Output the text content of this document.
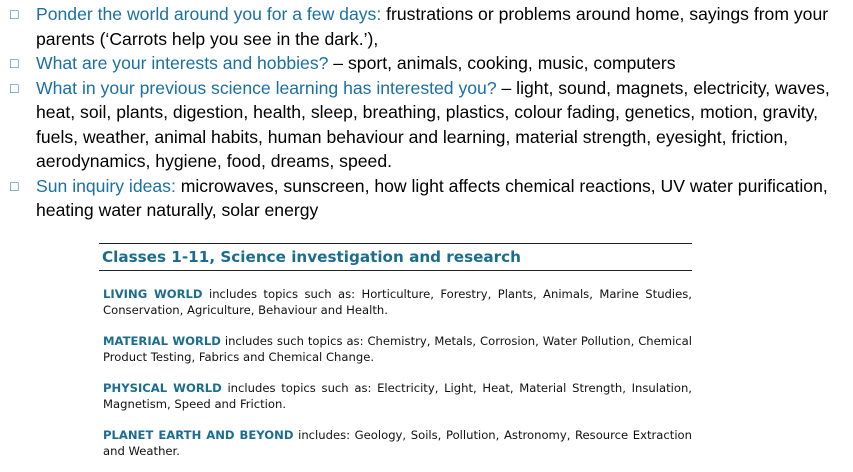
□ Ponder the world around you for a few days: frustrations or problems around home, sayings from your parents (‘Carrots help you see in the dark.’),
□ What are your interests and hobbies? – sport, animals, cooking, music, computers
□ What in your previous science learning has interested you? – light, sound, magnets, electricity, waves, heat, soil, plants, digestion, health, sleep, breathing, plastics, colour fading, genetics, motion, gravity, fuels, weather, animal habits, human behaviour and learning, material strength, eyesight, friction, aerodynamics, hygiene, food, dreams, speed.
□ Sun inquiry ideas: microwaves, sunscreen, how light affects chemical reactions, UV water purification, heating water naturally, solar energy
Classes 1-11, Science investigation and research
LIVING WORLD includes topics such as: Horticulture, Forestry, Plants, Animals, Marine Studies, Conservation, Agriculture, Behaviour and Health.
MATERIAL WORLD includes such topics as: Chemistry, Metals, Corrosion, Water Pollution, Chemical Product Testing, Fabrics and Chemical Change.
PHYSICAL WORLD includes topics such as: Electricity, Light, Heat, Material Strength, Insulation, Magnetism, Speed and Friction.
PLANET EARTH AND BEYOND includes: Geology, Soils, Pollution, Astronomy, Resource Extraction and Weather.
